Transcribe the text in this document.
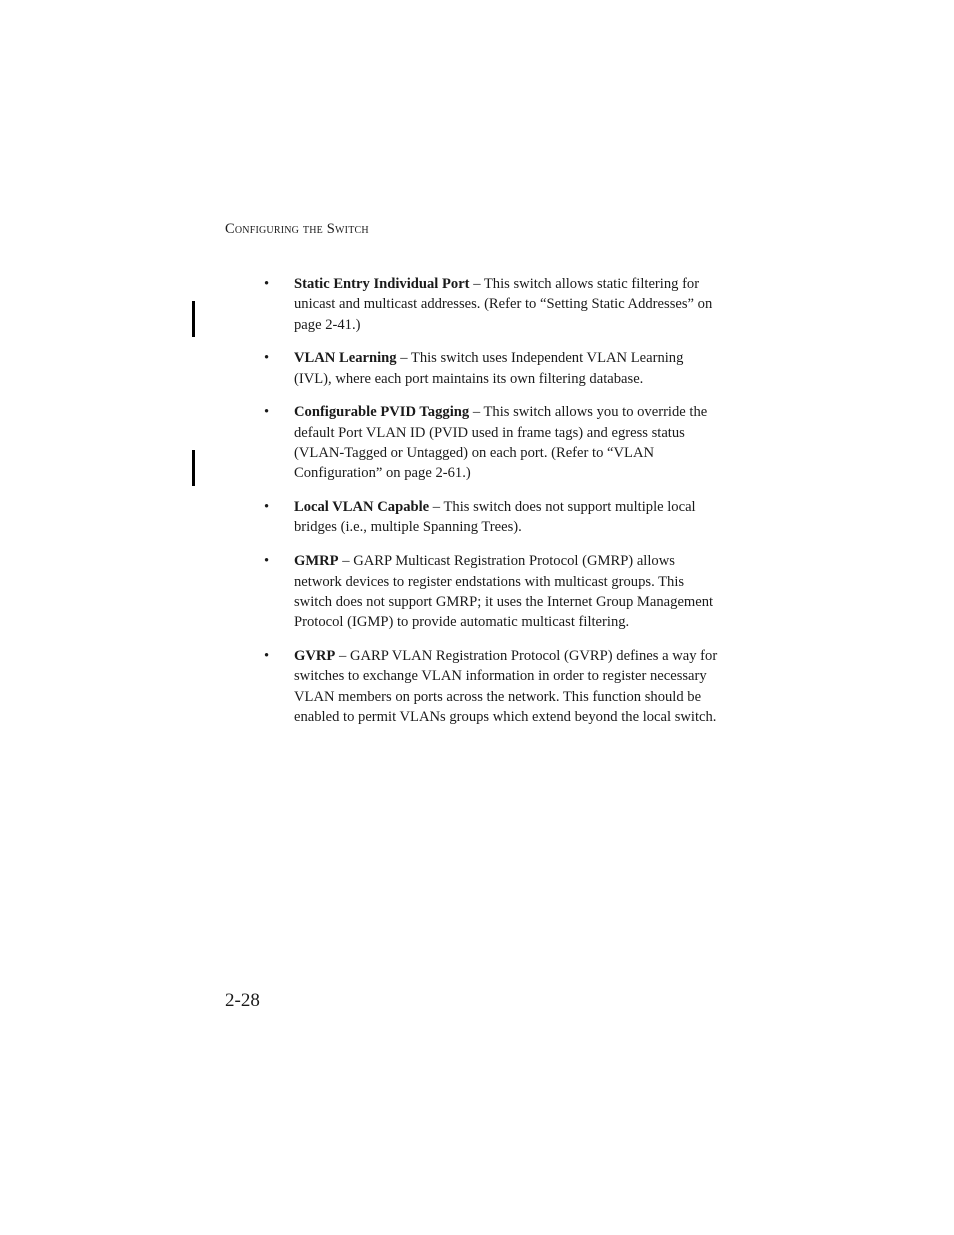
Configuring the Switch
• Static Entry Individual Port – This switch allows static filtering for unicast and multicast addresses. (Refer to “Setting Static Addresses” on page 2-41.)
• VLAN Learning – This switch uses Independent VLAN Learning (IVL), where each port maintains its own filtering database.
• Configurable PVID Tagging – This switch allows you to override the default Port VLAN ID (PVID used in frame tags) and egress status (VLAN-Tagged or Untagged) on each port. (Refer to “VLAN Configuration” on page 2-61.)
• Local VLAN Capable – This switch does not support multiple local bridges (i.e., multiple Spanning Trees).
• GMRP – GARP Multicast Registration Protocol (GMRP) allows network devices to register endstations with multicast groups. This switch does not support GMRP; it uses the Internet Group Management Protocol (IGMP) to provide automatic multicast filtering.
• GVRP – GARP VLAN Registration Protocol (GVRP) defines a way for switches to exchange VLAN information in order to register necessary VLAN members on ports across the network. This function should be enabled to permit VLANs groups which extend beyond the local switch.
2-28
